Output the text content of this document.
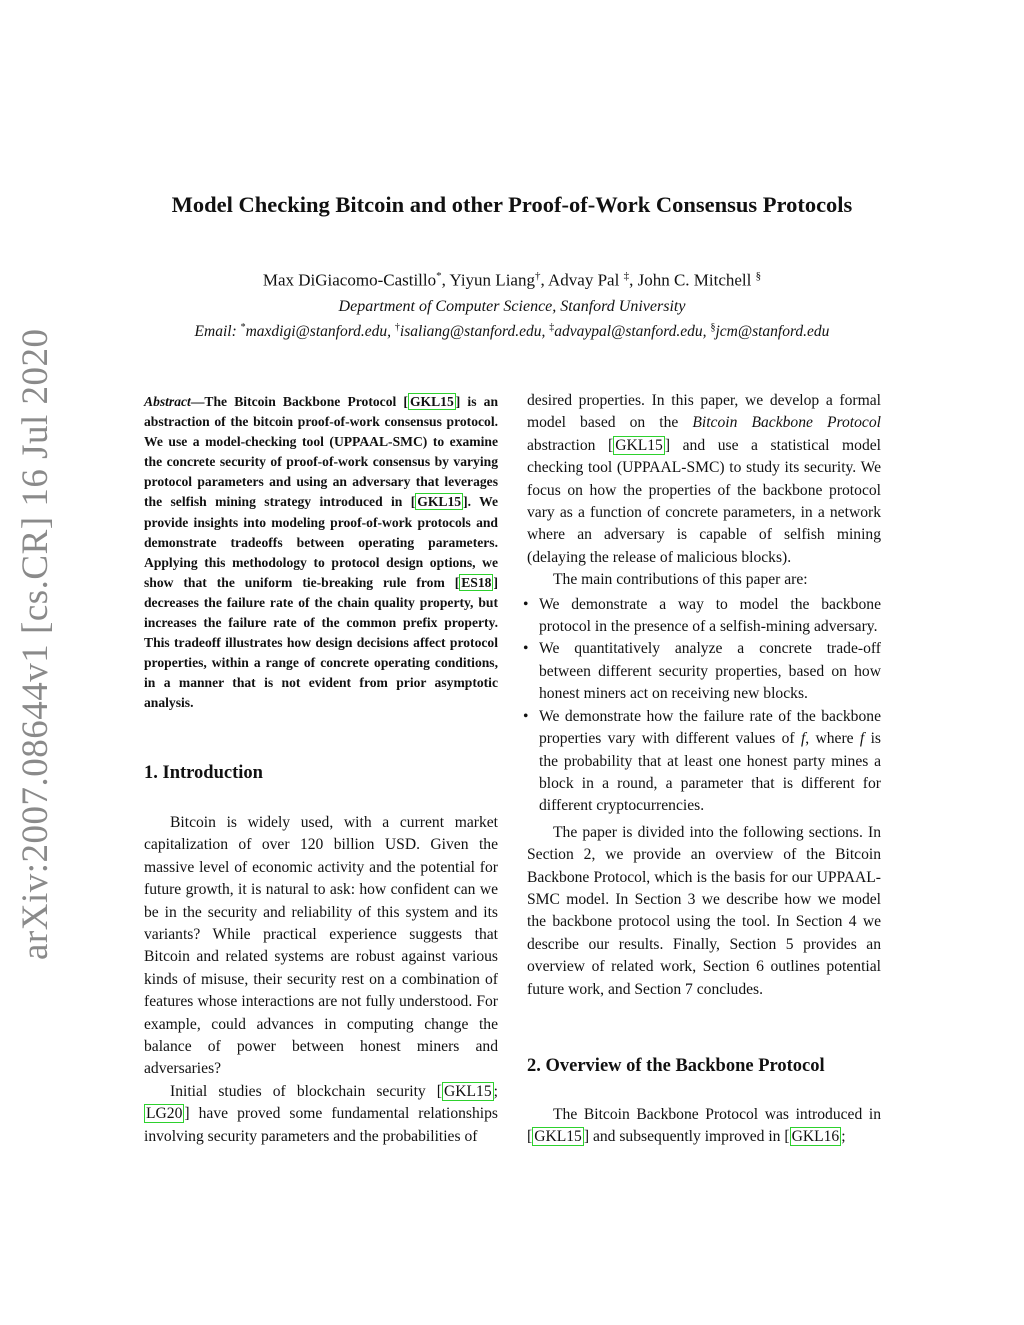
arXiv:2007.08644v1 [cs.CR] 16 Jul 2020
Model Checking Bitcoin and other Proof-of-Work Consensus Protocols
Max DiGiacomo-Castillo*, Yiyun Liang†, Advay Pal ‡, John C. Mitchell §
Department of Computer Science, Stanford University
Email: *maxdigi@stanford.edu, †isaliang@stanford.edu, ‡advaypal@stanford.edu, §jcm@stanford.edu
Abstract—The Bitcoin Backbone Protocol [ GKL15 ] is an abstraction of the bitcoin proof-of-work consensus protocol. We use a model-checking tool (UPPAAL-SMC) to examine the concrete security of proof-of-work consensus by varying protocol parameters and using an adversary that leverages the selfish mining strategy introduced in [ GKL15 ]. We provide insights into modeling proof-of-work protocols and demonstrate tradeoffs between operating parameters. Applying this methodology to protocol design options, we show that the uniform tie-breaking rule from [ ES18 ] decreases the failure rate of the chain quality property, but increases the failure rate of the common prefix property. This tradeoff illustrates how design decisions affect protocol properties, within a range of concrete operating conditions, in a manner that is not evident from prior asymptotic analysis.
1. Introduction

Bitcoin is widely used, with a current market capitalization of over 120 billion USD. Given the massive level of economic activity and the potential for future growth, it is natural to ask: how confident can we be in the security and reliability of this system and its variants? While practical experience suggests that Bitcoin and related systems are robust against various kinds of misuse, their security rest on a combination of features whose interactions are not fully understood. For example, could advances in computing change the balance of power between honest miners and adversaries?

Initial studies of blockchain security [ GKL15 ; LG20 ] have proved some fundamental relationships involving security parameters and the probabilities of

desired properties. In this paper, we develop a formal model based on the Bitcoin Backbone Protocol abstraction [ GKL15 ] and use a statistical model checking tool (UPPAAL-SMC) to study its security. We focus on how the properties of the backbone protocol vary as a function of concrete parameters, in a network where an adversary is capable of selfish mining (delaying the release of malicious blocks).

The main contributions of this paper are:

• We demonstrate a way to model the backbone protocol in the presence of a selfish-mining adversary.
• We quantitatively analyze a concrete trade-off between different security properties, based on how honest miners act on receiving new blocks.
• We demonstrate how the failure rate of the backbone properties vary with different values of f, where f is the probability that at least one honest party mines a block in a round, a parameter that is different for different cryptocurrencies.

The paper is divided into the following sections. In Section 2, we provide an overview of the Bitcoin Backbone Protocol, which is the basis for our UPPAAL-SMC model. In Section 3 we describe how we model the backbone protocol using the tool. In Section 4 we describe our results. Finally, Section 5 provides an overview of related work, Section 6 outlines potential future work, and Section 7 concludes.

2. Overview of the Backbone Protocol

The Bitcoin Backbone Protocol was introduced in [ GKL15 ] and subsequently improved in [ GKL16 ;
